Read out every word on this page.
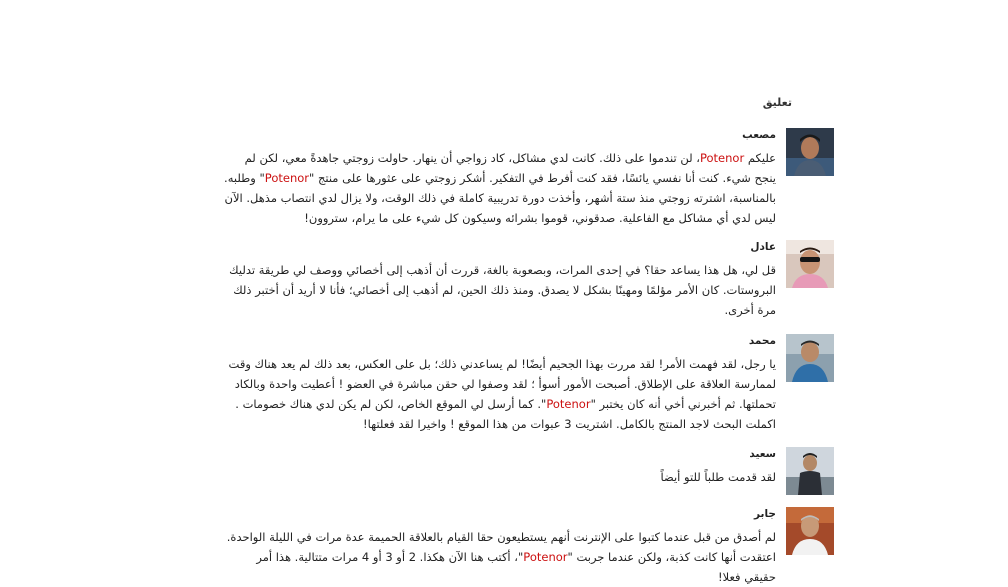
تعليق
مصعب

عليكم Potenor، لن تندموا على ذلك. كانت لدي مشاكل، كاد زواجي أن ينهار. حاولت زوجتي جاهدةً معي، لكن لم ينجح شيء. كنت أنا نفسي يائسًا، فقد كنت أفرط في التفكير. أشكر زوجتي على عثورها على منتج "Potenor" وطلبه. بالمناسبة، اشترته زوجتي منذ ستة أشهر، وأخذت دورة تدريبية كاملة في ذلك الوقت، ولا يزال لدي انتصاب مذهل. الآن ليس لدي أي مشاكل مع الفاعلية. صدقوني، قوموا بشرائه وسيكون كل شيء على ما يرام، ستروون!

عادل

قل لي، هل هذا يساعد حقا؟ في إحدى المرات، وبصعوبة بالغة، قررت أن أذهب إلى أخصائي ووصف لي طريقة تدليك البروستات. كان الأمر مؤلمًا ومهينًا بشكل لا يصدق. ومنذ ذلك الحين، لم أذهب إلى أخصائي؛ فأنا لا أريد أن أختبر ذلك مرة أخرى.

محمد

يا رجل، لقد فهمت الأمر! لقد مررت بهذا الجحيم أيضًا! لم يساعدني ذلك؛ بل على العكس، بعد ذلك لم يعد هناك وقت لممارسة العلاقة على الإطلاق. أصبحت الأمور أسوأ ؛ لقد وصفوا لي حقن مباشرة في العضو ! أعطيت واحدة وبالكاد تحملتها. ثم أخبرني أخي أنه كان يختبر "Potenor". كما أرسل لي الموقع الخاص، لكن لم يكن لدي هناك خصومات . اكملت البحث لاجد المنتج بالكامل. اشتريت 3 عبوات من هذا الموقع ! واخيرا لقد فعلتها!

سعيد

لقد قدمت طلباً للتو أيضاً

جابر

لم أصدق من قبل عندما كتبوا على الإنترنت أنهم يستطيعون حقا القيام بالعلاقة الحميمة عدة مرات في الليلة الواحدة. اعتقدت أنها كانت كذبة، ولكن عندما جربت "Potenor"، أكتب هنا الآن هكذا. 2 أو 3 أو 4 مرات متتالية. هذا أمر حقيقي فعلا!
